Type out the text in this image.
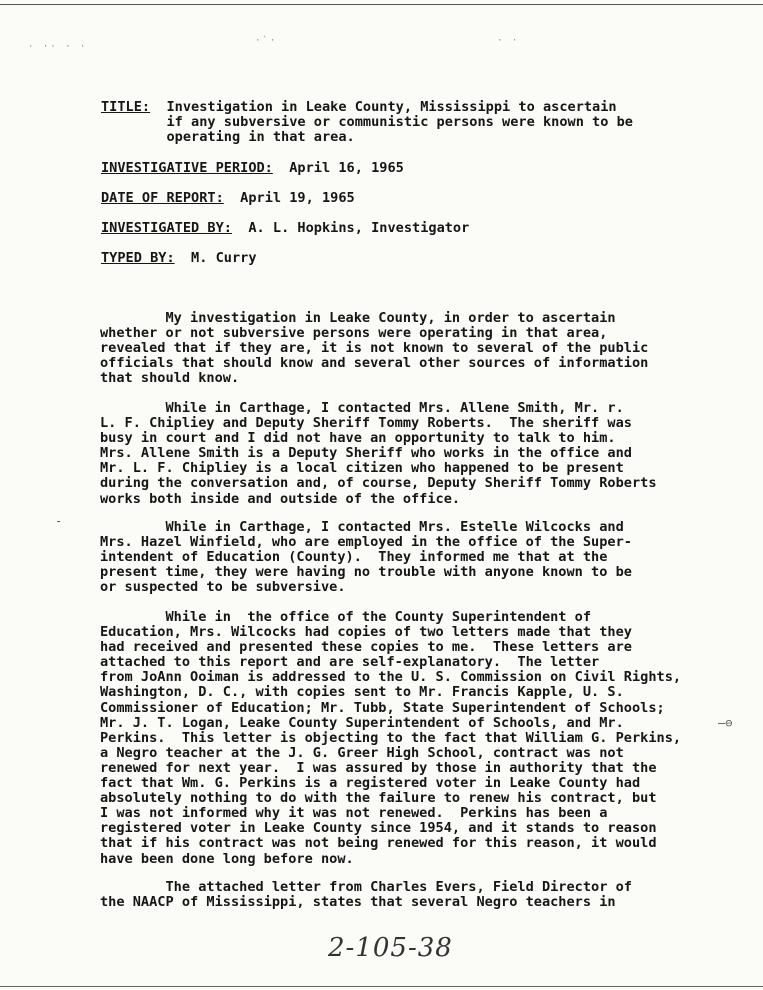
· ·· · ·
·`·	· ·
TITLE: Investigation in Leake County, Mississippi to ascertain
if any subversive or communistic persons were known to be
operating in that area.
INVESTIGATIVE PERIOD: April 16, 1965
DATE OF REPORT: April 19, 1965
INVESTIGATED BY: A. L. Hopkins, Investigator
TYPED BY: M. Curry
My investigation in Leake County, in order to ascertain
whether or not subversive persons were operating in that area,
revealed that if they are, it is not known to several of the public
officials that should know and several other sources of information
that should know.
While in Carthage, I contacted Mrs. Allene Smith, Mr. r.
L. F. Chipliey and Deputy Sheriff Tommy Roberts.  The sheriff was
busy in court and I did not have an opportunity to talk to him.
Mrs. Allene Smith is a Deputy Sheriff who works in the office and
Mr. L. F. Chipliey is a local citizen who happened to be present
during the conversation and, of course, Deputy Sheriff Tommy Roberts
works both inside and outside of the office.
While in Carthage, I contacted Mrs. Estelle Wilcocks and
Mrs. Hazel Winfield, who are employed in the office of the Super-
intendent of Education (County).  They informed me that at the
present time, they were having no trouble with anyone known to be
or suspected to be subversive.
While in  the office of the County Superintendent of
Education, Mrs. Wilcocks had copies of two letters made that they
had received and presented these copies to me.  These letters are
attached to this report and are self-explanatory.  The letter
from JoAnn Ooiman is addressed to the U. S. Commission on Civil Rights,
Washington, D. C., with copies sent to Mr. Francis Kapple, U. S.
Commissioner of Education; Mr. Tubb, State Superintendent of Schools;
Mr. J. T. Logan, Leake County Superintendent of Schools, and Mr.
Perkins.  This letter is objecting to the fact that William G. Perkins,
a Negro teacher at the J. G. Greer High School, contract was not
renewed for next year.  I was assured by those in authority that the
fact that Wm. G. Perkins is a registered voter in Leake County had
absolutely nothing to do with the failure to renew his contract, but
I was not informed why it was not renewed.  Perkins has been a
registered voter in Leake County since 1954, and it stands to reason
that if his contract was not being renewed for this reason, it would
have been done long before now.
The attached letter from Charles Evers, Field Director of
the NAACP of Mississippi, states that several Negro teachers in
-
—⊖
2-105-38
